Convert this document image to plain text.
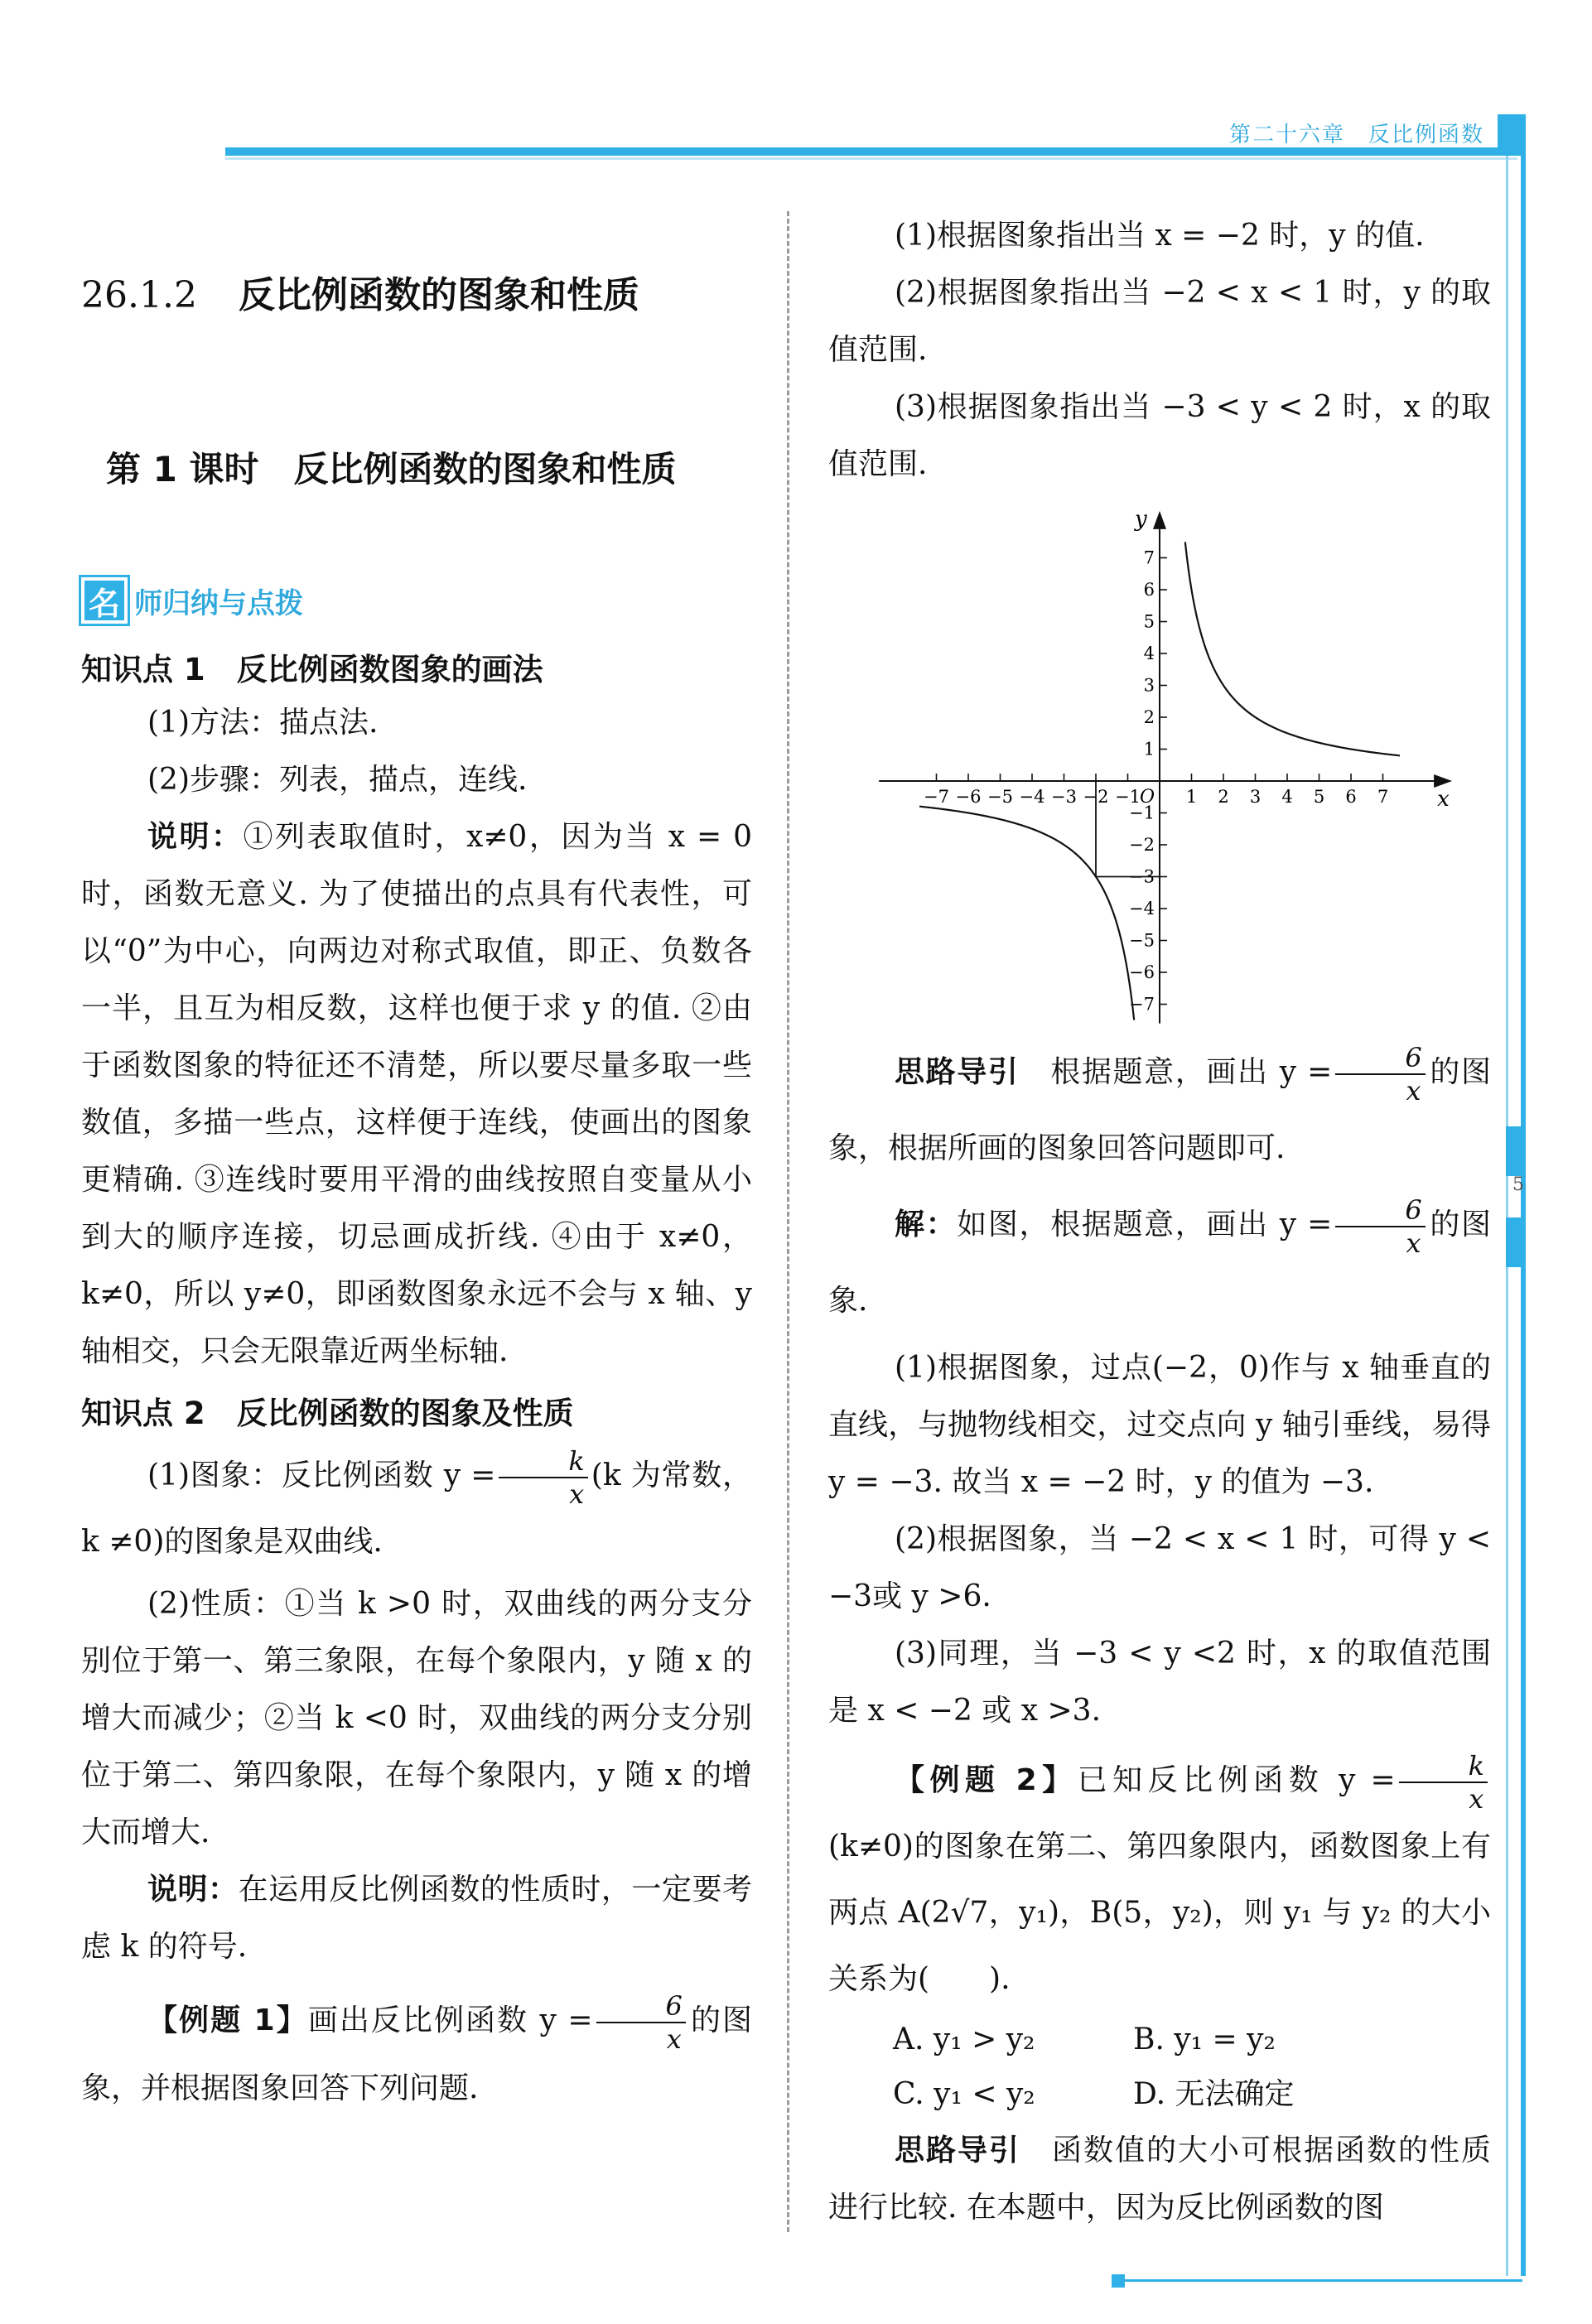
第二十六章　反比例函数
5
26.1.2 反比例函数的图象和性质
第 1 课时　反比例函数的图象和性质
名 师归纳与点拨
知识点 1 反比例函数图象的画法
(1)方法：描点法.
(2)步骤：列表，描点，连线.
说明：①列表取值时，x≠0，因为当 x = 0 时，函数无意义. 为了使描出的点具有代表性，可以“0”为中心，向两边对称式取值，即正、负数各一半，且互为相反数，这样也便于求 y 的值. ②由于函数图象的特征还不清楚，所以要尽量多取一些数值，多描一些点，这样便于连线，使画出的图象更精确. ③连线时要用平滑的曲线按照自变量从小到大的顺序连接，切忌画成折线. ④由于 x≠0，k≠0，所以 y≠0，即函数图象永远不会与 x 轴、y 轴相交，只会无限靠近两坐标轴.
知识点 2 反比例函数的图象及性质
(1)图象：反比例函数 $y = \frac{k}{x} (k$ 为常数，k ≠0)的图象是双曲线.
(2)性质：①当 k >0 时，双曲线的两分支分别位于第一、第三象限，在每个象限内，y 随 x 的增大而减少；②当 k <0 时，双曲线的两分支分别位于第二、第四象限，在每个象限内，y 随 x 的增大而增大.
说明：在运用反比例函数的性质时，一定要考虑 k 的符号.
【例题 1】画出反比例函数 $y = \frac{6}{x}$ 的图象，并根据图象回答下列问题.
(1)根据图象指出当 x = −2 时，y 的值.
(2)根据图象指出当 −2 < x < 1 时，y 的取值范围.
(3)根据图象指出当 −3 < y < 2 时，x 的取值范围.
−7 −6 −5 −4 −3 −2 −1	1 2 3 4 5 6 7
−7
−6
−5
−4
−3
−2
−1
1
2
3
4
5
6
7
x
y
O
思路导引　 根据题意，画出 $y = \frac{6}{x}$ 的图象，根据所画的图象回答问题即可.
解：如图，根据题意，画出 $y = \frac{6}{x}$ 的图象.
(1)根据图象，过点(−2，0)作与 x 轴垂直的直线，与抛物线相交，过交点向 y 轴引垂线，易得 y = −3. 故当 x = −2 时，y 的值为 −3.
(2)根据图象，当 −2 < x < 1 时，可得 y < −3或 y >6.
(3)同理，当 −3 < y <2 时，x 的取值范围是 x < −2 或 x >3.
【例题 2】已知反比例函数 $y = \frac{k}{x}$
(k≠0)的图象在第二、第四象限内，函数图象上有两点 A(2√7，y₁)，B(5，y₂)，则 y₁ 与 y₂ 的大小关系为(　　).
A. y₁ > y₂	B. y₁ = y₂
C. y₁ < y₂	D. 无法确定
思路导引　 函数值的大小可根据函数的性质进行比较. 在本题中，因为反比例函数的图
